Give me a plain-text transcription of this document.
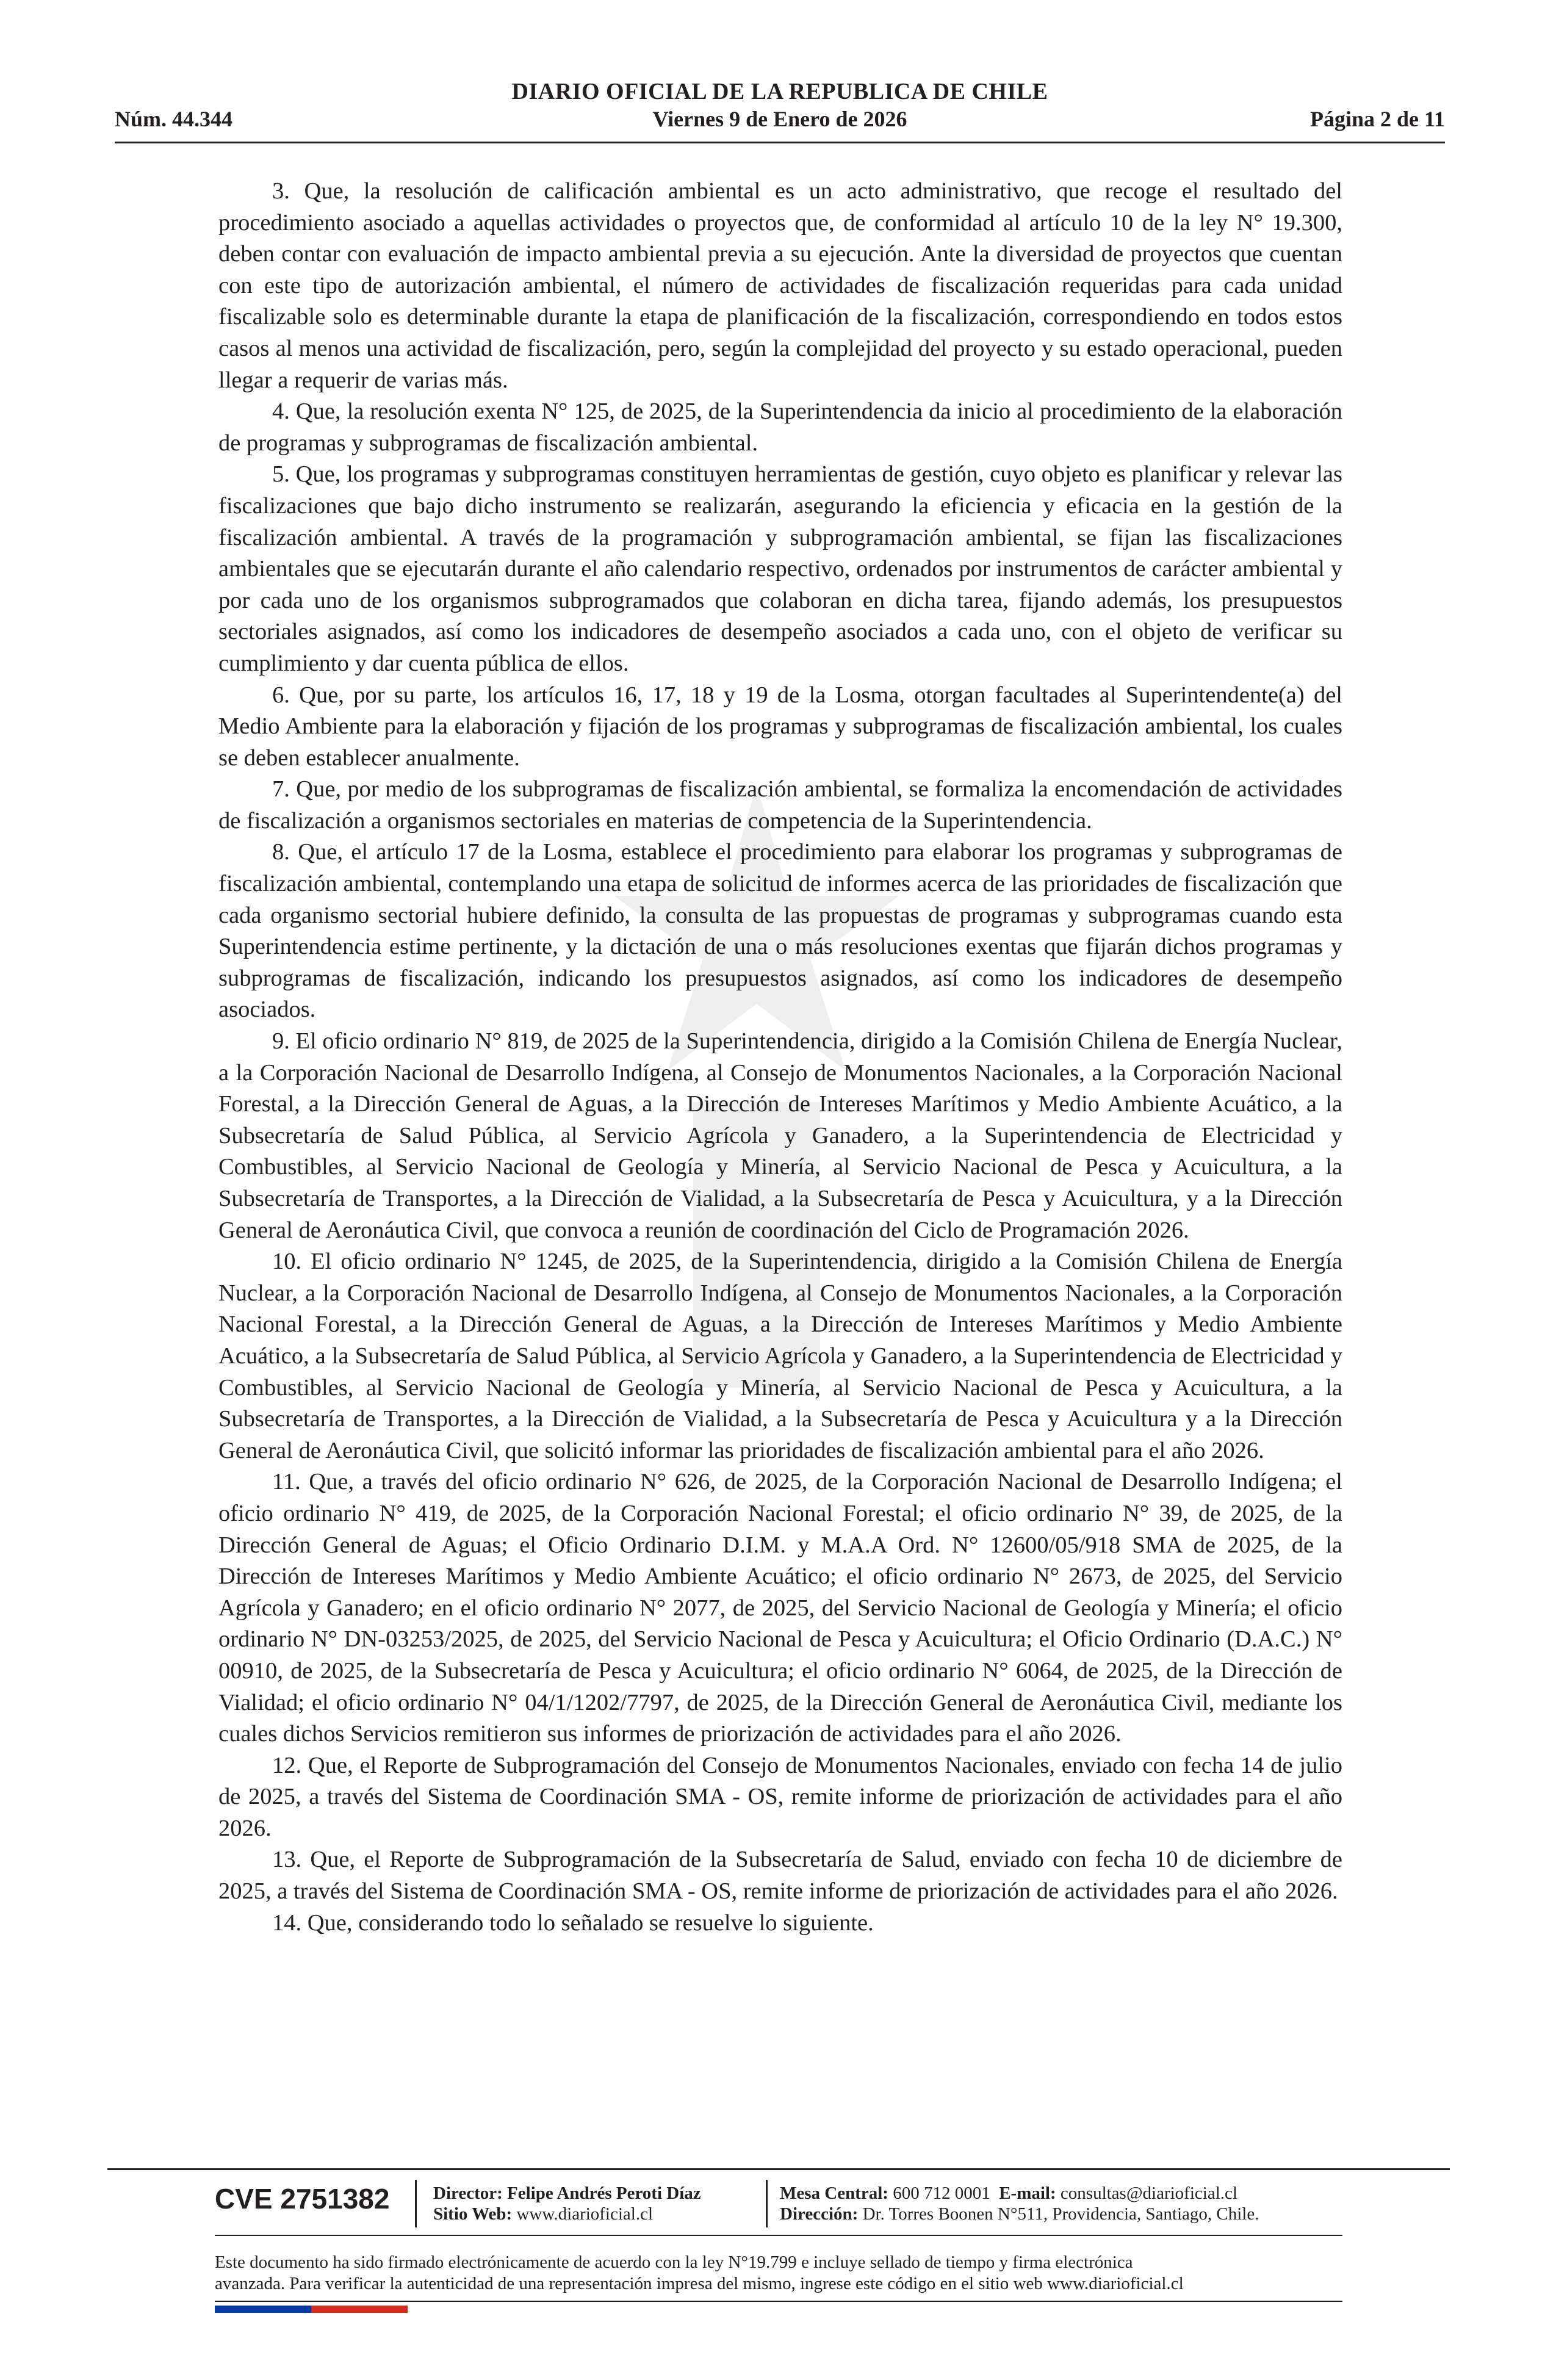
DIARIO OFICIAL DE LA REPUBLICA DE CHILE
Núm. 44.344	Viernes 9 de Enero de 2026	Página 2 de 11

3. Que, la resolución de calificación ambiental es un acto administrativo, que recoge el resultado del procedimiento asociado a aquellas actividades o proyectos que, de conformidad al artículo 10 de la ley N° 19.300, deben contar con evaluación de impacto ambiental previa a su ejecución. Ante la diversidad de proyectos que cuentan con este tipo de autorización ambiental, el número de actividades de fiscalización requeridas para cada unidad fiscalizable solo es determinable durante la etapa de planificación de la fiscalización, correspondiendo en todos estos casos al menos una actividad de fiscalización, pero, según la complejidad del proyecto y su estado operacional, pueden llegar a requerir de varias más.

4. Que, la resolución exenta N° 125, de 2025, de la Superintendencia da inicio al procedimiento de la elaboración de programas y subprogramas de fiscalización ambiental.

5. Que, los programas y subprogramas constituyen herramientas de gestión, cuyo objeto es planificar y relevar las fiscalizaciones que bajo dicho instrumento se realizarán, asegurando la eficiencia y eficacia en la gestión de la fiscalización ambiental. A través de la programación y subprogramación ambiental, se fijan las fiscalizaciones ambientales que se ejecutarán durante el año calendario respectivo, ordenados por instrumentos de carácter ambiental y por cada uno de los organismos subprogramados que colaboran en dicha tarea, fijando además, los presupuestos sectoriales asignados, así como los indicadores de desempeño asociados a cada uno, con el objeto de verificar su cumplimiento y dar cuenta pública de ellos.

6. Que, por su parte, los artículos 16, 17, 18 y 19 de la Losma, otorgan facultades al Superintendente(a) del Medio Ambiente para la elaboración y fijación de los programas y subprogramas de fiscalización ambiental, los cuales se deben establecer anualmente.

7. Que, por medio de los subprogramas de fiscalización ambiental, se formaliza la encomendación de actividades de fiscalización a organismos sectoriales en materias de competencia de la Superintendencia.

8. Que, el artículo 17 de la Losma, establece el procedimiento para elaborar los programas y subprogramas de fiscalización ambiental, contemplando una etapa de solicitud de informes acerca de las prioridades de fiscalización que cada organismo sectorial hubiere definido, la consulta de las propuestas de programas y subprogramas cuando esta Superintendencia estime pertinente, y la dictación de una o más resoluciones exentas que fijarán dichos programas y subprogramas de fiscalización, indicando los presupuestos asignados, así como los indicadores de desempeño asociados.

9. El oficio ordinario N° 819, de 2025 de la Superintendencia, dirigido a la Comisión Chilena de Energía Nuclear, a la Corporación Nacional de Desarrollo Indígena, al Consejo de Monumentos Nacionales, a la Corporación Nacional Forestal, a la Dirección General de Aguas, a la Dirección de Intereses Marítimos y Medio Ambiente Acuático, a la Subsecretaría de Salud Pública, al Servicio Agrícola y Ganadero, a la Superintendencia de Electricidad y Combustibles, al Servicio Nacional de Geología y Minería, al Servicio Nacional de Pesca y Acuicultura, a la Subsecretaría de Transportes, a la Dirección de Vialidad, a la Subsecretaría de Pesca y Acuicultura, y a la Dirección General de Aeronáutica Civil, que convoca a reunión de coordinación del Ciclo de Programación 2026.

10. El oficio ordinario N° 1245, de 2025, de la Superintendencia, dirigido a la Comisión Chilena de Energía Nuclear, a la Corporación Nacional de Desarrollo Indígena, al Consejo de Monumentos Nacionales, a la Corporación Nacional Forestal, a la Dirección General de Aguas, a la Dirección de Intereses Marítimos y Medio Ambiente Acuático, a la Subsecretaría de Salud Pública, al Servicio Agrícola y Ganadero, a la Superintendencia de Electricidad y Combustibles, al Servicio Nacional de Geología y Minería, al Servicio Nacional de Pesca y Acuicultura, a la Subsecretaría de Transportes, a la Dirección de Vialidad, a la Subsecretaría de Pesca y Acuicultura y a la Dirección General de Aeronáutica Civil, que solicitó informar las prioridades de fiscalización ambiental para el año 2026.

11. Que, a través del oficio ordinario N° 626, de 2025, de la Corporación Nacional de Desarrollo Indígena; el oficio ordinario N° 419, de 2025, de la Corporación Nacional Forestal; el oficio ordinario N° 39, de 2025, de la Dirección General de Aguas; el Oficio Ordinario D.I.M. y M.A.A Ord. N° 12600/05/918 SMA de 2025, de la Dirección de Intereses Marítimos y Medio Ambiente Acuático; el oficio ordinario N° 2673, de 2025, del Servicio Agrícola y Ganadero; en el oficio ordinario N° 2077, de 2025, del Servicio Nacional de Geología y Minería; el oficio ordinario N° DN-03253/2025, de 2025, del Servicio Nacional de Pesca y Acuicultura; el Oficio Ordinario (D.A.C.) N° 00910, de 2025, de la Subsecretaría de Pesca y Acuicultura; el oficio ordinario N° 6064, de 2025, de la Dirección de Vialidad; el oficio ordinario N° 04/1/1202/7797, de 2025, de la Dirección General de Aeronáutica Civil, mediante los cuales dichos Servicios remitieron sus informes de priorización de actividades para el año 2026.

12. Que, el Reporte de Subprogramación del Consejo de Monumentos Nacionales, enviado con fecha 14 de julio de 2025, a través del Sistema de Coordinación SMA - OS, remite informe de priorización de actividades para el año 2026.

13. Que, el Reporte de Subprogramación de la Subsecretaría de Salud, enviado con fecha 10 de diciembre de 2025, a través del Sistema de Coordinación SMA - OS, remite informe de priorización de actividades para el año 2026.

14. Que, considerando todo lo señalado se resuelve lo siguiente.

CVE 2751382 Director: Felipe Andrés Peroti Díaz
Sitio Web: www.diarioficial.cl
Mesa Central: 600 712 0001 E-mail: consultas@diarioficial.cl
Dirección: Dr. Torres Boonen N°511, Providencia, Santiago, Chile.
Este documento ha sido firmado electrónicamente de acuerdo con la ley N°19.799 e incluye sellado de tiempo y firma electrónica
avanzada. Para verificar la autenticidad de una representación impresa del mismo, ingrese este código en el sitio web www.diarioficial.cl
